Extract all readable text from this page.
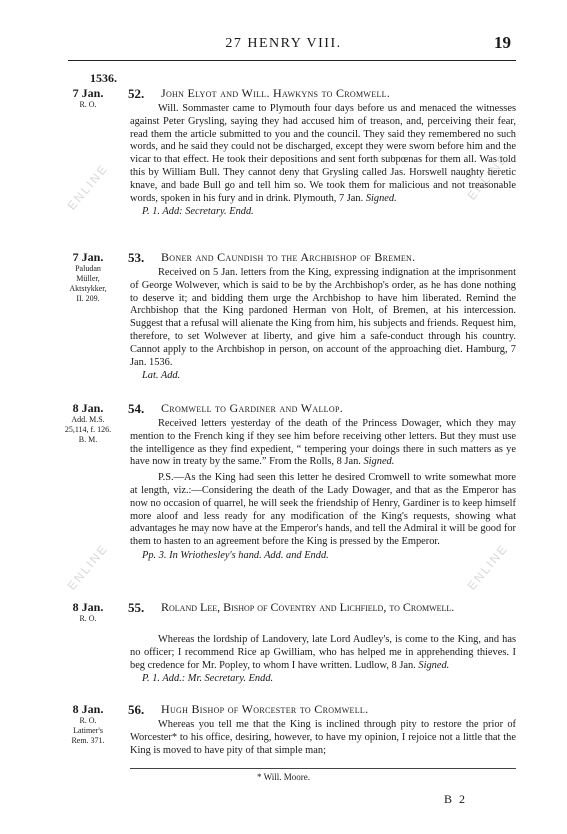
ENLINE	ENLINE
ENLINE	ENLINE
27 HENRY VIII.	19
1536.
7 Jan.
R. O.
52. John Elyot and Will. Hawkyns to Cromwell.

Will. Sommaster came to Plymouth four days before us and menaced the witnesses against Peter Grysling, saying they had accused him of treason, and, perceiving their fear, read them the article submitted to you and the council. They said they remembered no such words, and he said they could not be discharged, except they were sworn before him and the vicar to that effect. He took their depositions and sent forth subpœnas for them all. Was told this by William Bull. They cannot deny that Grysling called Jas. Horswell naughty heretic knave, and bade Bull go and tell him so. We took them for malicious and not treasonable words, spoken in his fury and in drink. Plymouth, 7 Jan. Signed.

P. 1. Add: Secretary. Endd.

7 Jan.
Paludan
Müller,
Aktstykker,
II. 209.
53. Boner and Caundish to the Archbishop of Bremen.

Received on 5 Jan. letters from the King, expressing indignation at the imprisonment of George Wolwever, which is said to be by the Archbishop's order, as he has done nothing to deserve it; and bidding them urge the Archbishop to have him liberated. Remind the Archbishop that the King pardoned Herman von Holt, of Bremen, at his intercession. Suggest that a refusal will alienate the King from him, his subjects and friends. Request him, therefore, to set Wolwever at liberty, and give him a safe-conduct through his country. Cannot apply to the Archbishop in person, on account of the approaching diet. Hamburg, 7 Jan. 1536.

Lat. Add.

8 Jan.
Add. M.S.
25,114, f. 126.
B. M.
54. Cromwell to Gardiner and Wallop.

Received letters yesterday of the death of the Princess Dowager, which they may mention to the French king if they see him before receiving other letters. But they must use the intelligence as they find expedient, “ tempering your doings there in such matters as ye have now in treaty by the same.” From the Rolls, 8 Jan. Signed.

P.S.—As the King had seen this letter he desired Cromwell to write somewhat more at length, viz.:—Considering the death of the Lady Dowager, and that as the Emperor has now no occasion of quarrel, he will seek the friendship of Henry, Gardiner is to keep himself more aloof and less ready for any modification of the King's requests, showing what advantages he may now have at the Emperor's hands, and tell the Admiral it will be good for them to hasten to an agreement before the King is pressed by the Emperor.

Pp. 3. In Wriothesley's hand. Add. and Endd.

8 Jan.
R. O.
55. Roland Lee, Bishop of Coventry and Lichfield, to Cromwell.

Whereas the lordship of Landovery, late Lord Audley's, is come to the King, and has no officer; I recommend Rice ap Gwilliam, who has helped me in apprehending thieves. I beg credence for Mr. Popley, to whom I have written. Ludlow, 8 Jan. Signed.

P. 1. Add.: Mr. Secretary. Endd.

8 Jan.
R. O.
Latimer's
Rem. 371.
56. Hugh Bishop of Worcester to Cromwell.

Whereas you tell me that the King is inclined through pity to restore the prior of Worcester* to his office, desiring, however, to have my opinion, I rejoice not a little that the King is moved to have pity of that simple man;

* Will. Moore.
B 2
